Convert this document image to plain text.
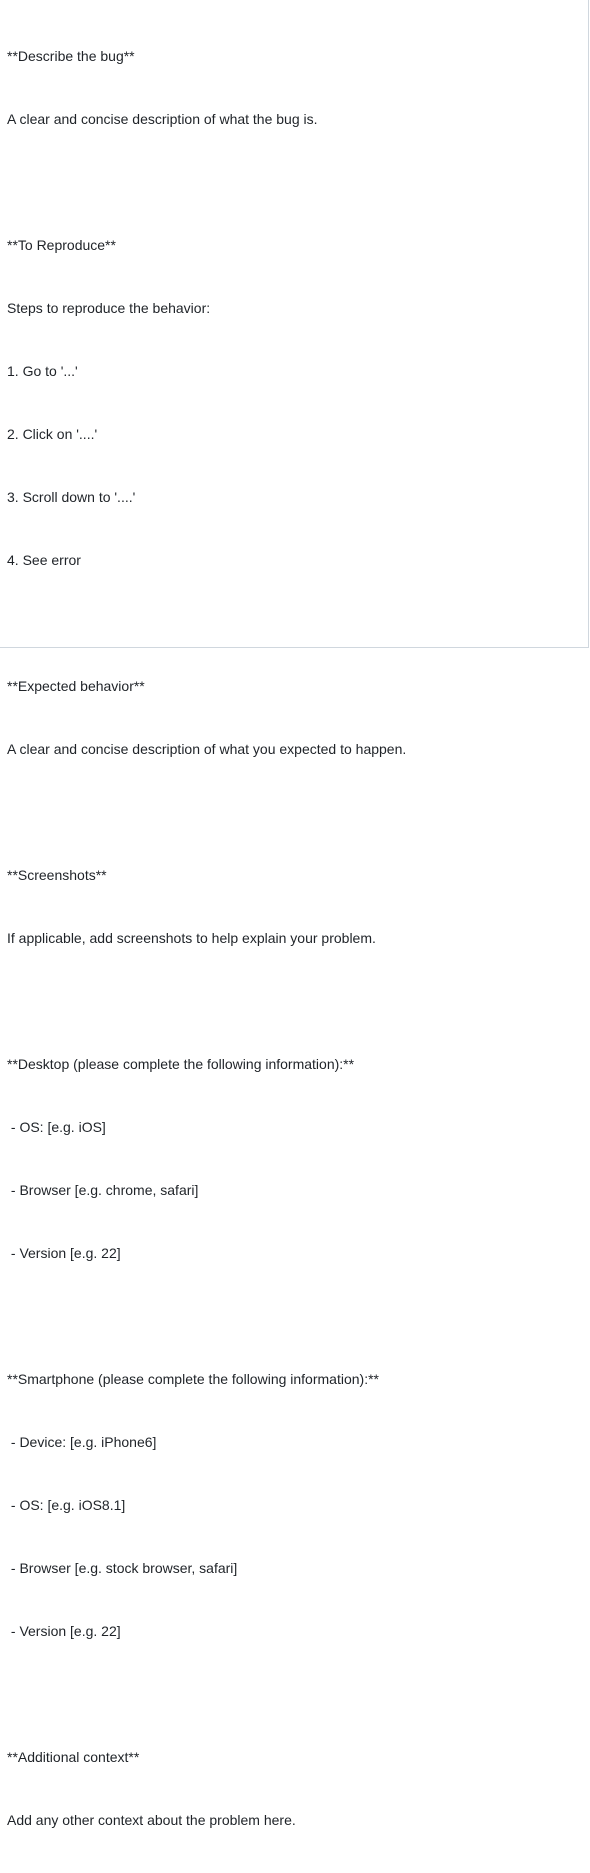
**Describe the bug**

A clear and concise description of what the bug is.

**To Reproduce**

Steps to reproduce the behavior:

1. Go to '...'

2. Click on '....'

3. Scroll down to '....'

4. See error

**Expected behavior**

A clear and concise description of what you expected to happen.

**Screenshots**

If applicable, add screenshots to help explain your problem.

**Desktop (please complete the following information):**

- OS: [e.g. iOS]

- Browser [e.g. chrome, safari]

- Version [e.g. 22]

**Smartphone (please complete the following information):**

- Device: [e.g. iPhone6]

- OS: [e.g. iOS8.1]

- Browser [e.g. stock browser, safari]

- Version [e.g. 22]

**Additional context**

Add any other context about the problem here.
